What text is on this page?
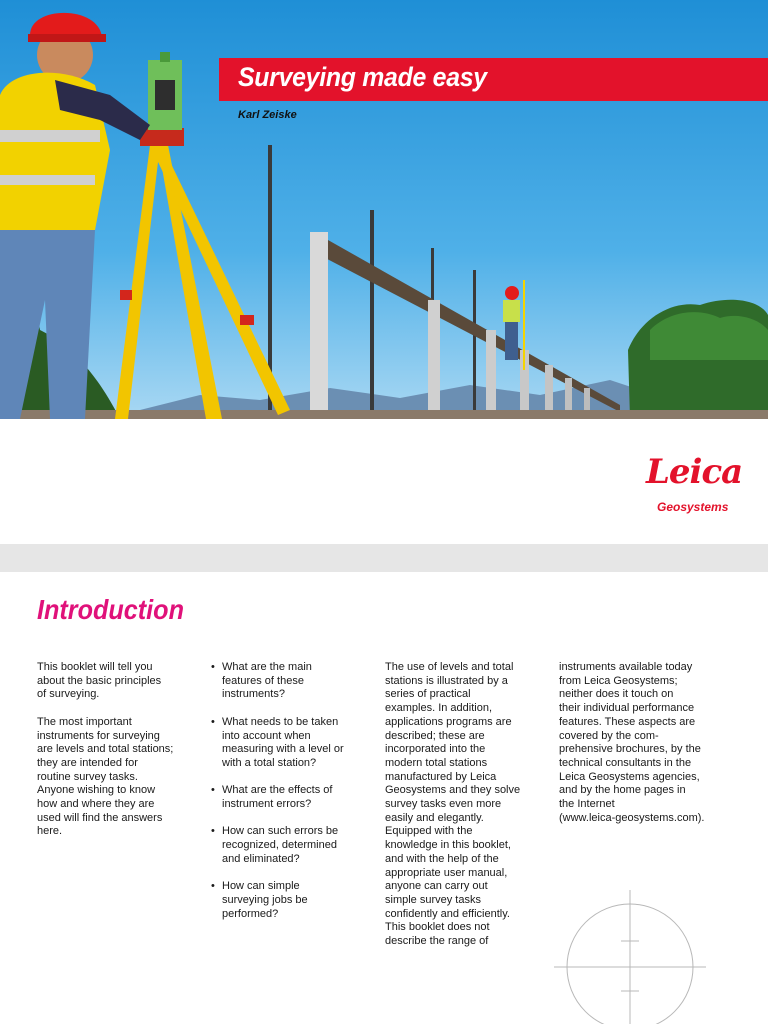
Surveying made easy
Karl Zeiske
Leica
Geosystems
Introduction

This booklet will tell you
about the basic principles
of surveying.

The most important
instruments for surveying
are levels and total stations;
they are intended for
routine survey tasks.
Anyone wishing to know
how and where they are
used will find the answers
here.

• What are the main
features of these
instruments?
• What needs to be taken
into account when
measuring with a level or
with a total station?
• What are the effects of
instrument errors?
• How can such errors be
recognized, determined
and eliminated?
• How can simple
surveying jobs be
performed?

The use of levels and total
stations is illustrated by a
series of practical
examples. In addition,
applications programs are
described; these are
incorporated into the
modern total stations
manufactured by Leica
Geosystems and they solve
survey tasks even more
easily and elegantly.
Equipped with the
knowledge in this booklet,
and with the help of the
appropriate user manual,
anyone can carry out
simple survey tasks
confidently and efficiently.
This booklet does not
describe the range of

instruments available today
from Leica Geosystems;
neither does it touch on
their individual performance
features. These aspects are
covered by the com-
prehensive brochures, by the
technical consultants in the
Leica Geosystems agencies,
and by the home pages in
the Internet
(www.leica-geosystems.com).
